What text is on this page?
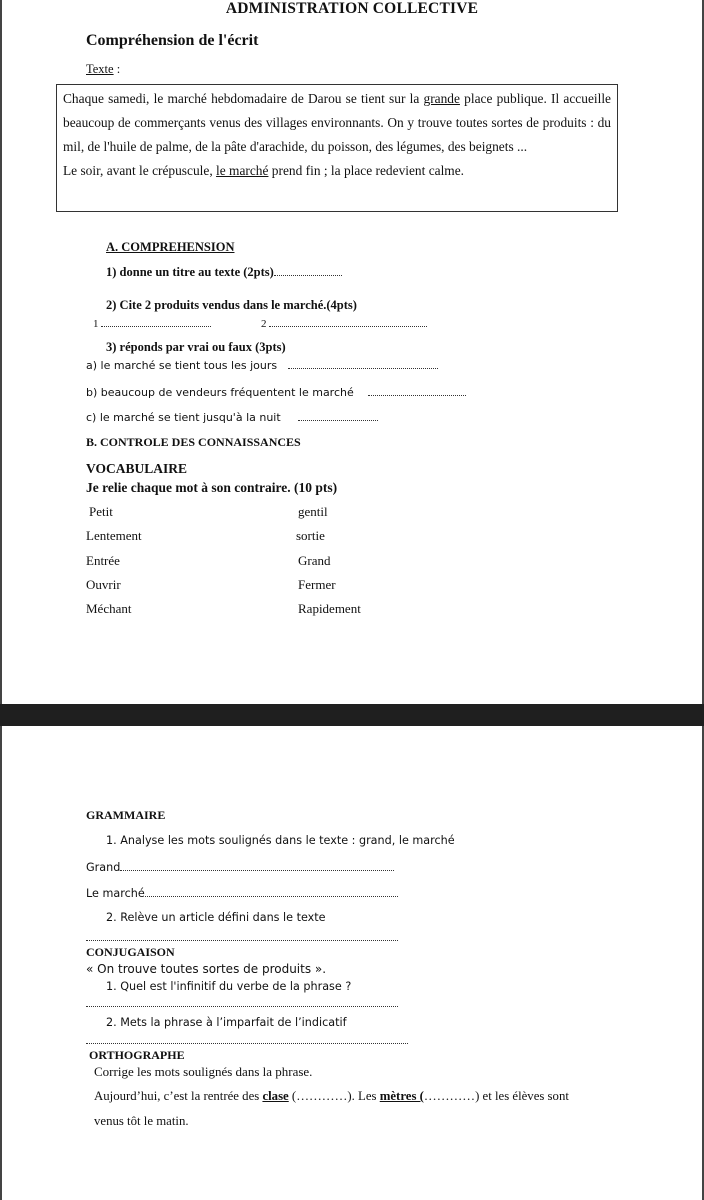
ADMINISTRATION COLLECTIVE
Compréhension de l'écrit
Texte :

Chaque samedi, le marché hebdomadaire de Darou se tient sur la grande place publique. Il accueille beaucoup de commerçants venus des villages environnants. On y trouve toutes sortes de produits : du mil, de l'huile de palme, de la pâte d'arachide, du poisson, des légumes, des beignets ...

Le soir, avant le crépuscule, le marché prend fin ; la place redevient calme.

A. COMPREHENSION
1) donne un titre au texte (2pts)
2) Cite 2 produits vendus dans le marché.(4pts)
1	2
3) réponds par vrai ou faux (3pts)
a) le marché se tient tous les jours
b) beaucoup de vendeurs fréquentent le marché
c) le marché se tient jusqu'à la nuit
B. CONTROLE DES CONNAISSANCES
VOCABULAIRE
Je relie chaque mot à son contraire. (10 pts)
Petit
Lentement
Entrée
Ouvrir
Méchant
gentil
sortie
Grand
Fermer
Rapidement
GRAMMAIRE
1. Analyse les mots soulignés dans le texte : grand, le marché
Grand
Le marché
2. Relève un article défini dans le texte
CONJUGAISON
« On trouve toutes sortes de produits ».
1. Quel est l'infinitif du verbe de la phrase ?
2. Mets la phrase à l’imparfait de l’indicatif
ORTHOGRAPHE
Corrige les mots soulignés dans la phrase.
Aujourd’hui, c’est la rentrée des clase (…………). Les mètres (…………) et les élèves sont
venus tôt le matin.
